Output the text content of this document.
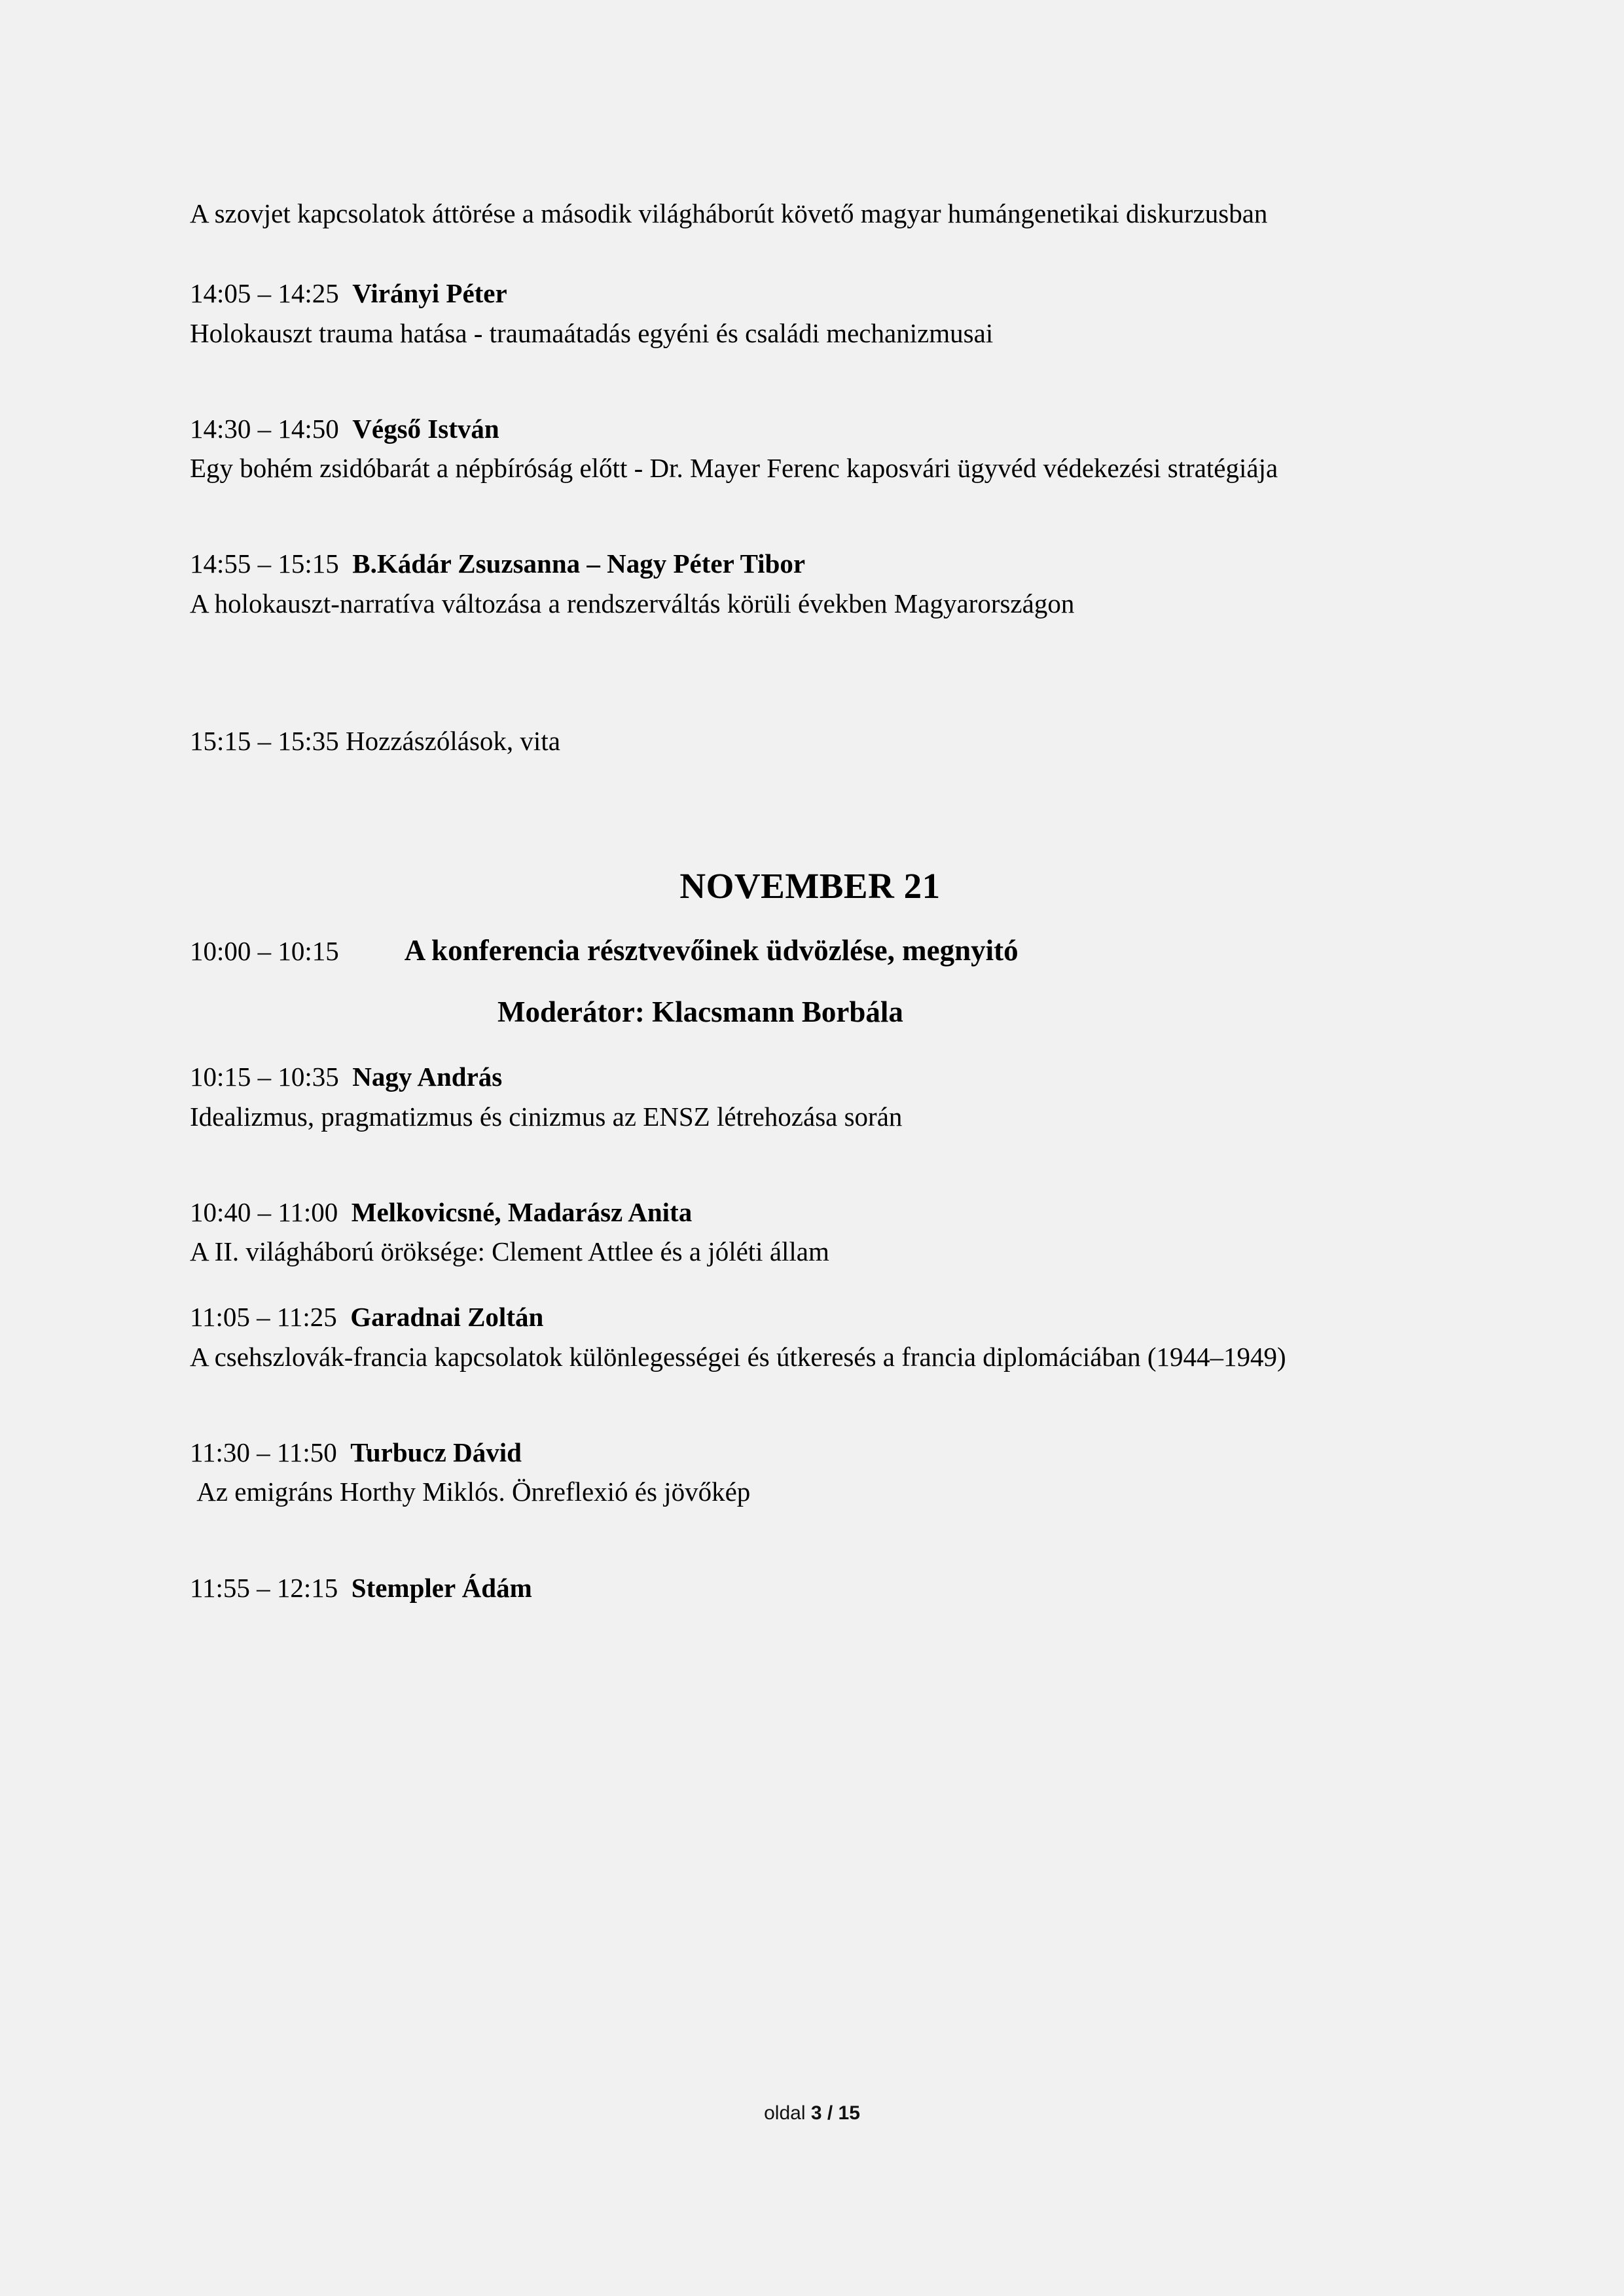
A szovjet kapcsolatok áttörése a második világháborút követő magyar humángenetikai diskurzusban

14:05 – 14:25  Virányi Péter

Holokauszt trauma hatása - traumaátadás egyéni és családi mechanizmusai

14:30 – 14:50  Végső István

Egy bohém zsidóbarát a népbíróság előtt - Dr. Mayer Ferenc kaposvári ügyvéd védekezési stratégiája

14:55 – 15:15  B.Kádár Zsuzsanna – Nagy Péter Tibor

A holokauszt-narratíva változása a rendszerváltás körüli években Magyarországon

15:15 – 15:35 Hozzászólások, vita

NOVEMBER 21

10:00 – 10:15 A konferencia résztvevőinek üdvözlése, megnyitó

Moderátor: Klacsmann Borbála

10:15 – 10:35  Nagy András

Idealizmus, pragmatizmus és cinizmus az ENSZ létrehozása során

10:40 – 11:00  Melkovicsné, Madarász Anita

A II. világháború öröksége: Clement Attlee és a jóléti állam

11:05 – 11:25  Garadnai Zoltán

A csehszlovák-francia kapcsolatok különlegességei és útkeresés a francia diplomáciában (1944–1949)

11:30 – 11:50  Turbucz Dávid

Az emigráns Horthy Miklós. Önreflexió és jövőkép

11:55 – 12:15  Stempler Ádám

oldal 3 / 15
